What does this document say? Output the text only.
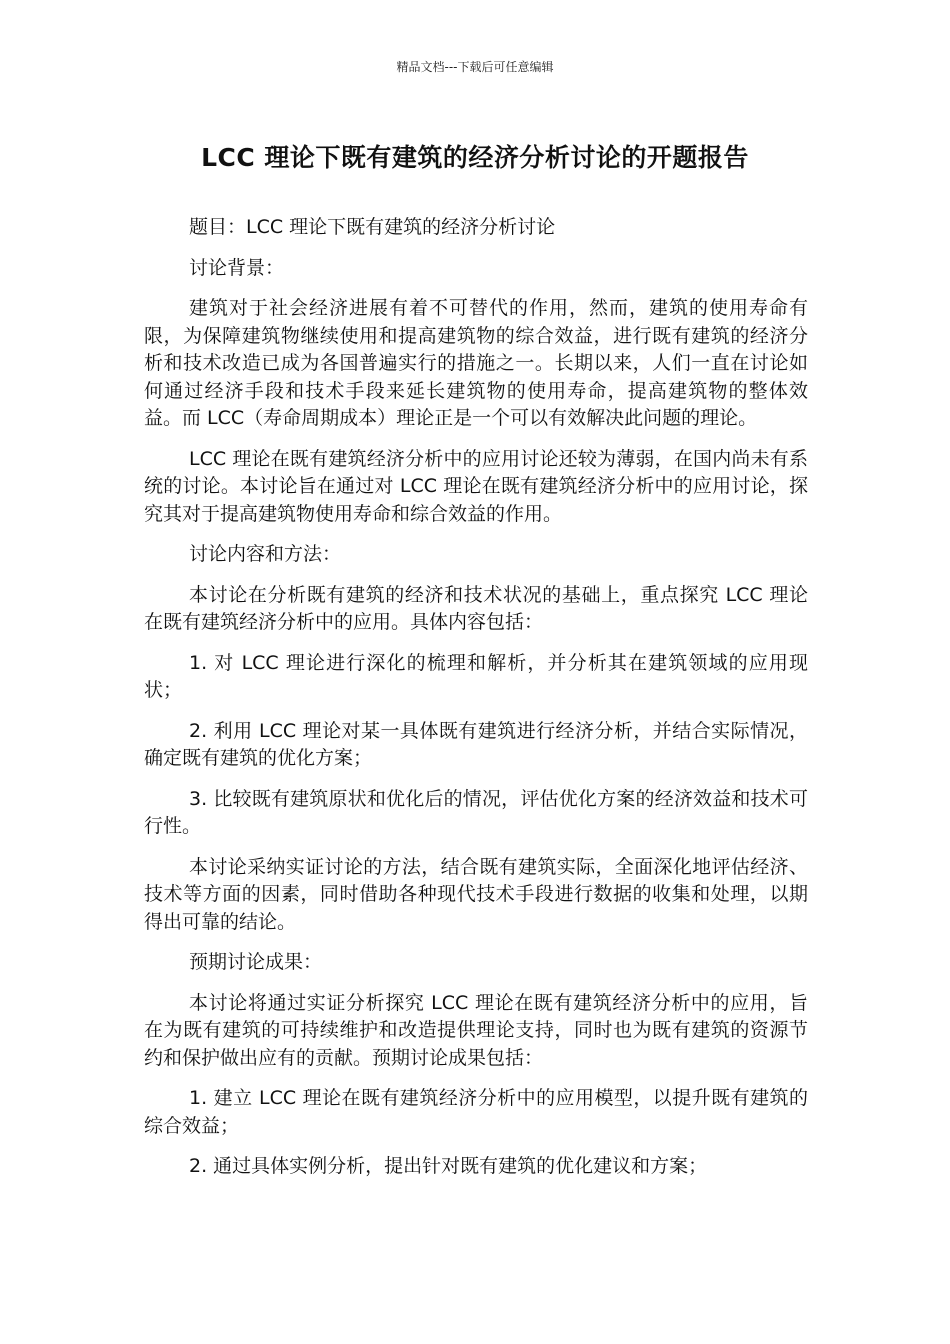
精品文档---下载后可任意编辑
LCC 理论下既有建筑的经济分析讨论的开题报告

题目：LCC 理论下既有建筑的经济分析讨论

讨论背景：

建筑对于社会经济进展有着不可替代的作用，然而，建筑的使用寿命有限，为保障建筑物继续使用和提高建筑物的综合效益，进行既有建筑的经济分析和技术改造已成为各国普遍实行的措施之一。长期以来，人们一直在讨论如何通过经济手段和技术手段来延长建筑物的使用寿命，提高建筑物的整体效益。而 LCC（寿命周期成本）理论正是一个可以有效解决此问题的理论。

LCC 理论在既有建筑经济分析中的应用讨论还较为薄弱，在国内尚未有系统的讨论。本讨论旨在通过对 LCC 理论在既有建筑经济分析中的应用讨论，探究其对于提高建筑物使用寿命和综合效益的作用。

讨论内容和方法：

本讨论在分析既有建筑的经济和技术状况的基础上，重点探究 LCC 理论在既有建筑经济分析中的应用。具体内容包括：

1. 对 LCC 理论进行深化的梳理和解析，并分析其在建筑领域的应用现状；

2. 利用 LCC 理论对某一具体既有建筑进行经济分析，并结合实际情况，确定既有建筑的优化方案；

3. 比较既有建筑原状和优化后的情况，评估优化方案的经济效益和技术可行性。

本讨论采纳实证讨论的方法，结合既有建筑实际，全面深化地评估经济、技术等方面的因素，同时借助各种现代技术手段进行数据的收集和处理，以期得出可靠的结论。

预期讨论成果：

本讨论将通过实证分析探究 LCC 理论在既有建筑经济分析中的应用，旨在为既有建筑的可持续维护和改造提供理论支持，同时也为既有建筑的资源节约和保护做出应有的贡献。预期讨论成果包括：

1. 建立 LCC 理论在既有建筑经济分析中的应用模型，以提升既有建筑的综合效益；

2. 通过具体实例分析，提出针对既有建筑的优化建议和方案；
